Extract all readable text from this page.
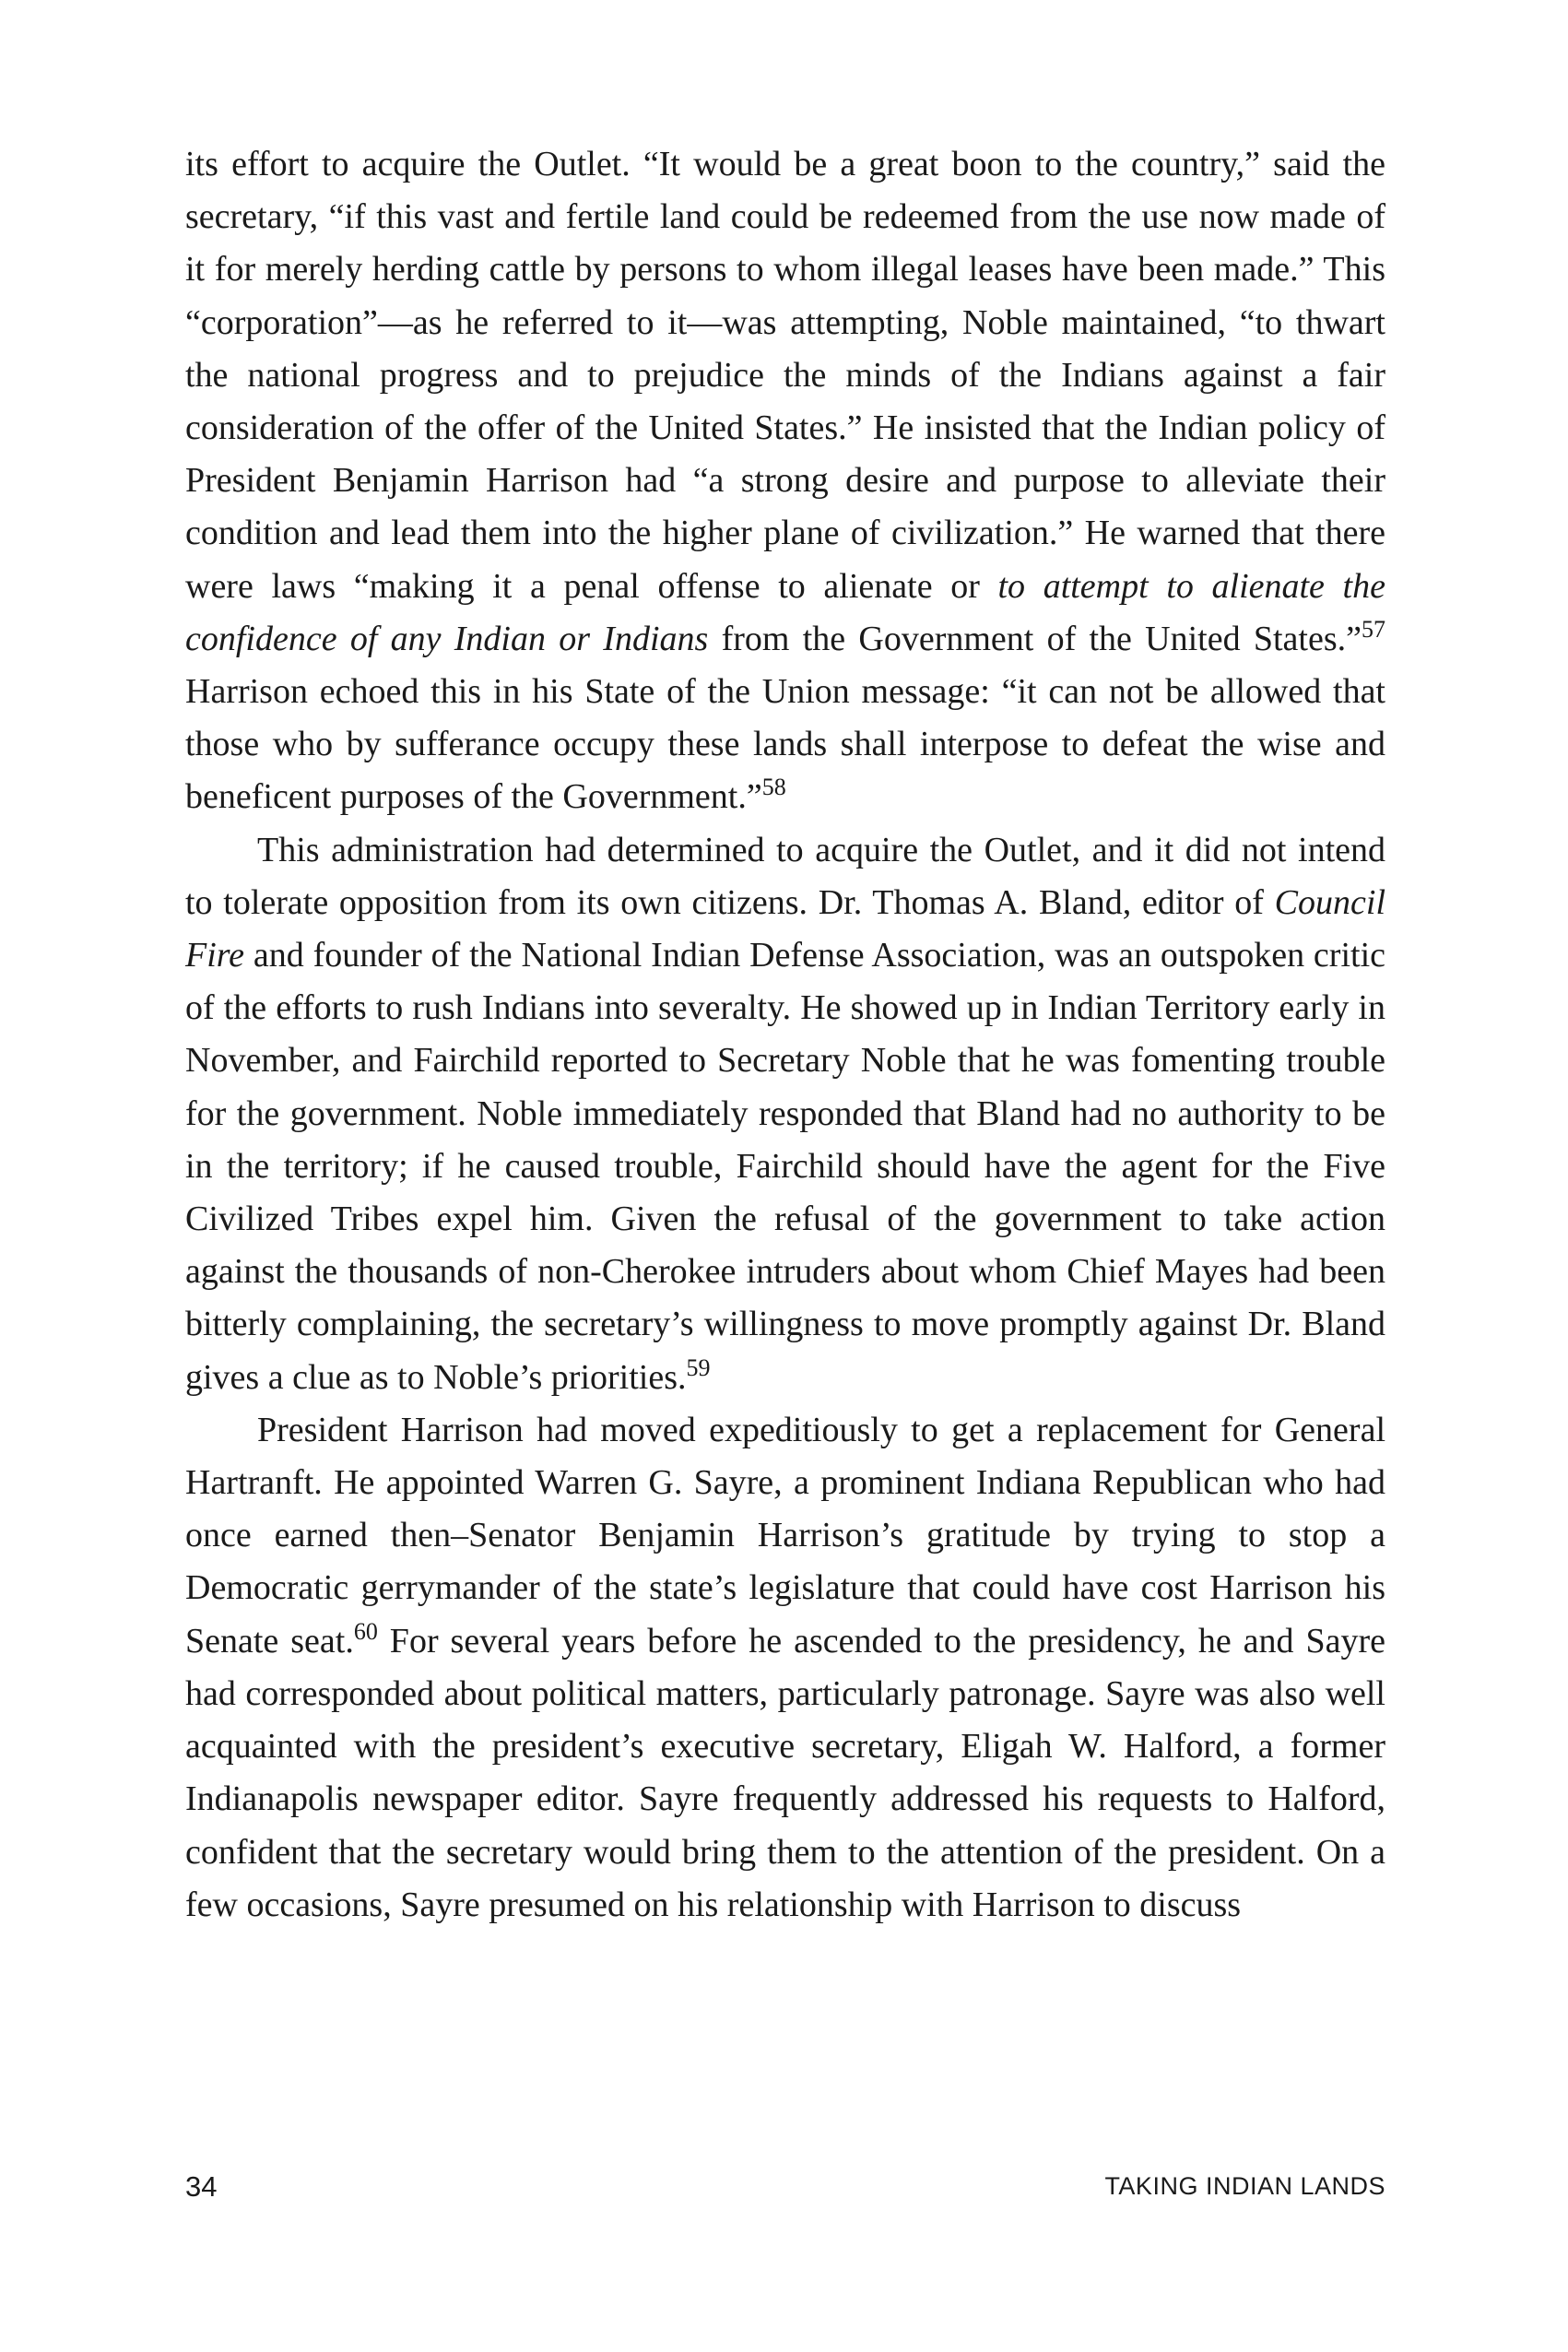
its effort to acquire the Outlet. “It would be a great boon to the country,” said the secretary, “if this vast and fertile land could be redeemed from the use now made of it for merely herding cattle by persons to whom illegal leases have been made.” This “corporation”—as he referred to it—was attempting, Noble maintained, “to thwart the national progress and to prejudice the minds of the Indians against a fair consideration of the offer of the United States.” He insisted that the Indian policy of President Benjamin Harrison had “a strong desire and purpose to alleviate their condition and lead them into the higher plane of civilization.” He warned that there were laws “making it a penal offense to alienate or to attempt to alienate the confidence of any Indian or Indians from the Government of the United States.”$^{57}$ Harrison echoed this in his State of the Union message: “it can not be allowed that those who by sufferance occupy these lands shall interpose to defeat the wise and beneficent purposes of the Government.”$^{58}$

This administration had determined to acquire the Outlet, and it did not intend to tolerate opposition from its own citizens. Dr. Thomas A. Bland, editor of Council Fire and founder of the National Indian Defense Association, was an outspoken critic of the efforts to rush Indians into severalty. He showed up in Indian Territory early in November, and Fairchild reported to Secretary Noble that he was fomenting trouble for the government. Noble immediately responded that Bland had no authority to be in the territory; if he caused trouble, Fairchild should have the agent for the Five Civilized Tribes expel him. Given the refusal of the government to take action against the thousands of non-Cherokee intruders about whom Chief Mayes had been bitterly complaining, the secretary’s willingness to move promptly against Dr. Bland gives a clue as to Noble’s priorities.$^{59}$

President Harrison had moved expeditiously to get a replacement for General Hartranft. He appointed Warren G. Sayre, a prominent Indiana Republican who had once earned then–Senator Benjamin Harrison’s gratitude by trying to stop a Democratic gerrymander of the state’s legislature that could have cost Harrison his Senate seat.$^{60}$ For several years before he ascended to the presidency, he and Sayre had corresponded about political matters, particularly patronage. Sayre was also well acquainted with the president’s executive secretary, Eligah W. Halford, a former Indianapolis newspaper editor. Sayre frequently addressed his requests to Halford, confident that the secretary would bring them to the attention of the president. On a few occasions, Sayre presumed on his relationship with Harrison to discuss

34	TAKING INDIAN LANDS
